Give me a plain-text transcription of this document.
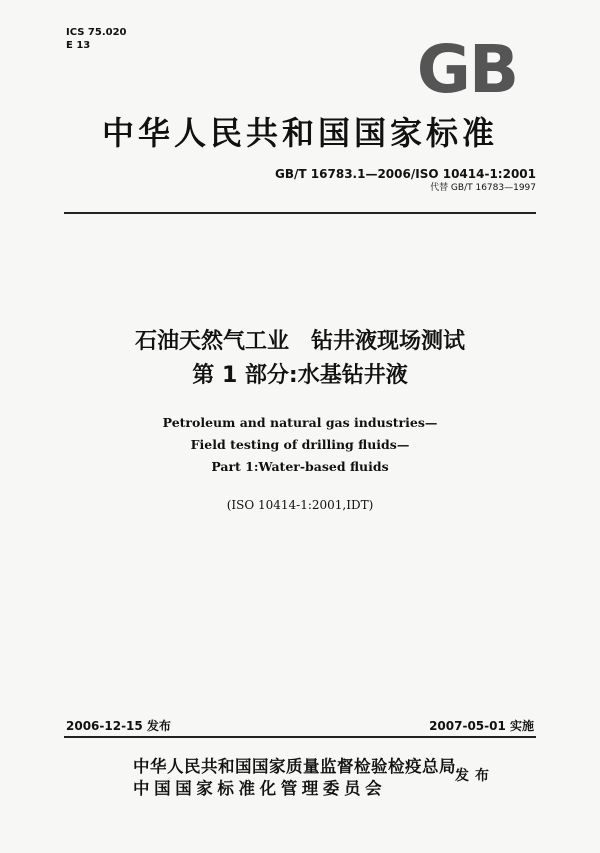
ICS 75.020
E 13	GB
中华人民共和国国家标准
GB/T 16783.1—2006/ISO 10414-1:2001
代替 GB/T 16783—1997
石油天然气工业　钻井液现场测试
第 1 部分:水基钻井液
Petroleum and natural gas industries—
Field testing of drilling fluids—
Part 1:Water-based fluids
(ISO 10414-1:2001,IDT)
2006-12-15 发布	2007-05-01 实施
中华人民共和国国家质量监督检验检疫总局
中国国家标准化管理委员会
发布
